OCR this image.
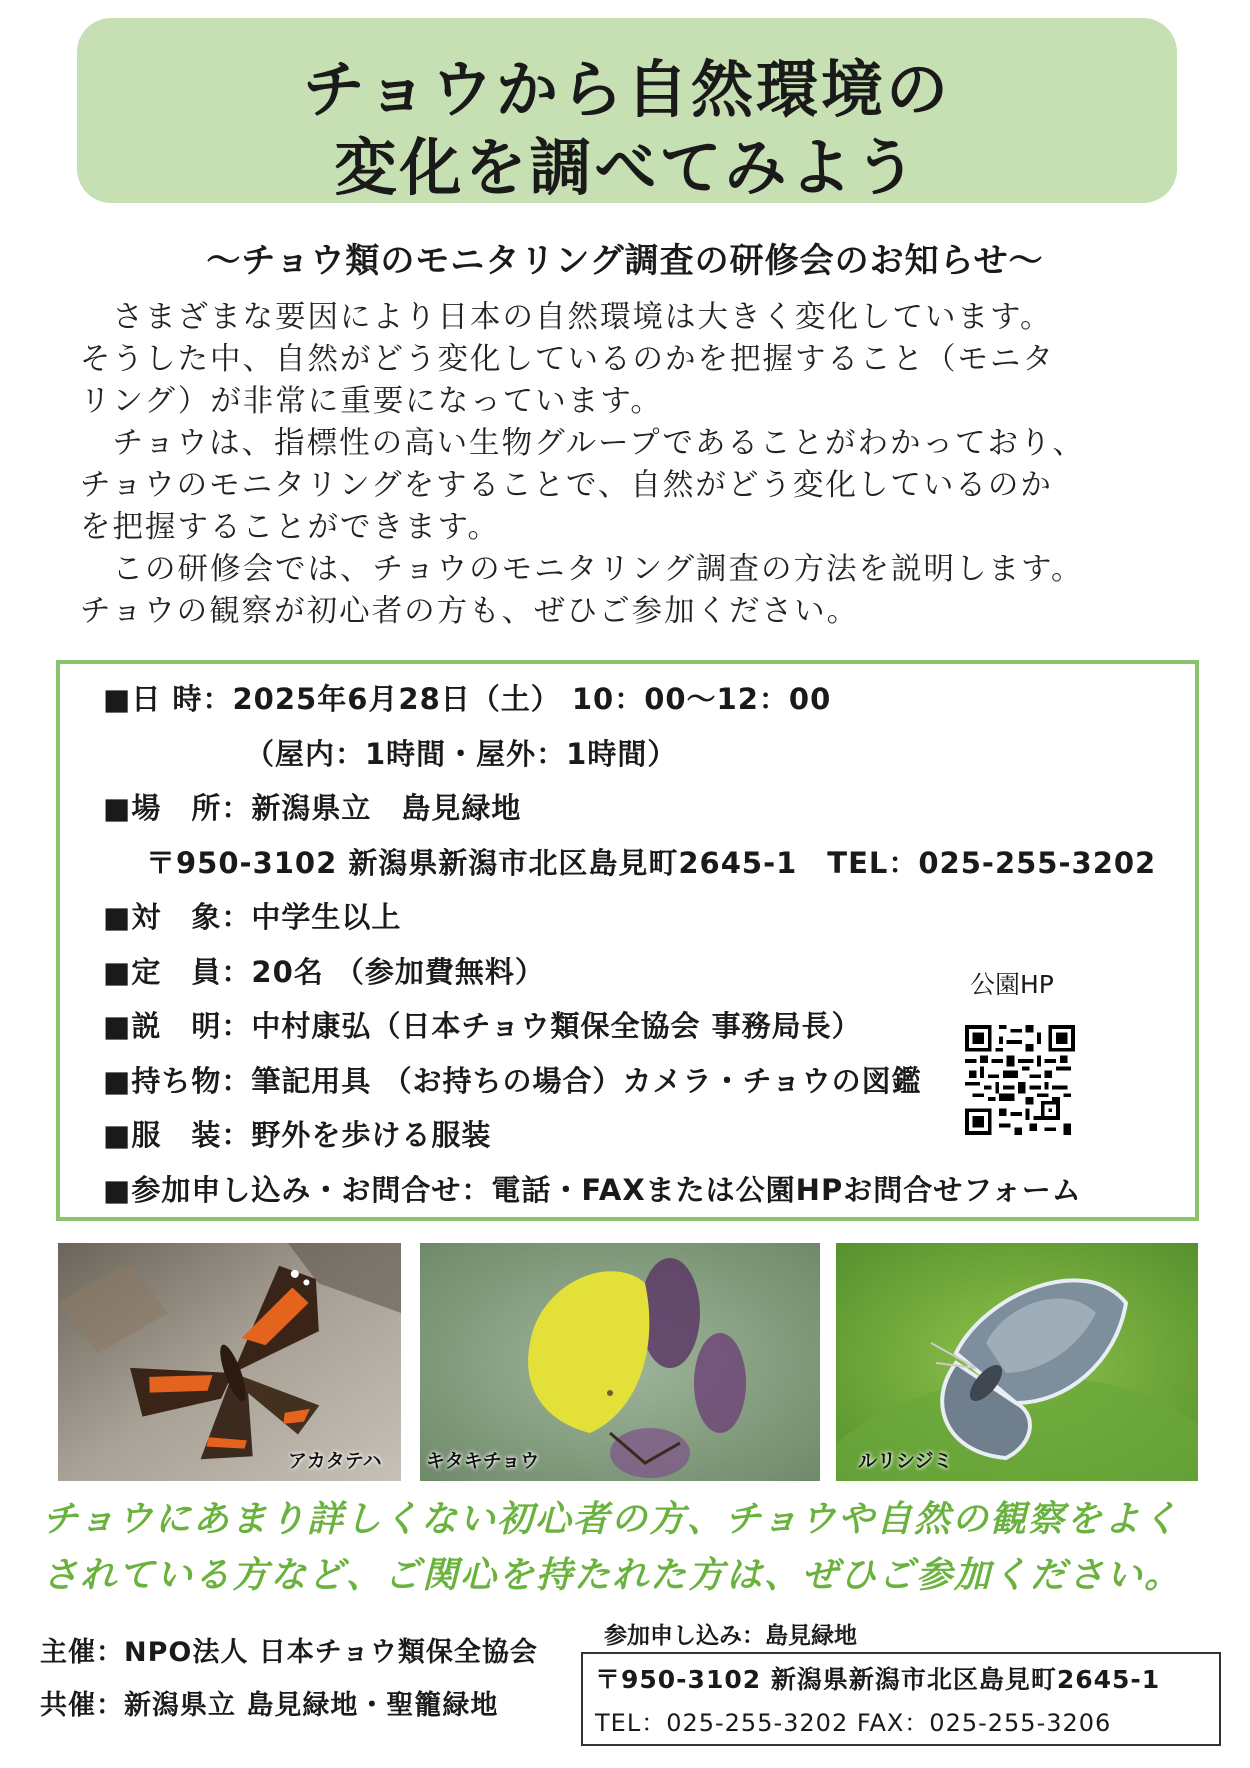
チョウから自然環境の
変化を調べてみよう
～チョウ類のモニタリング調査の研修会のお知らせ～

　さまざまな要因により日本の自然環境は大きく変化しています。

そうした中、自然がどう変化しているのかを把握すること（モニタ

リング）が非常に重要になっています。

　チョウは、指標性の高い生物グループであることがわかっており、

チョウのモニタリングをすることで、自然がどう変化しているのか

を把握することができます。

　この研修会では、チョウのモニタリング調査の方法を説明します。

チョウの観察が初心者の方も、ぜひご参加ください。

■日 時：2025年6月28日（土） 10：00～12：00
（屋内：1時間・屋外：1時間）
■場　所：新潟県立　島見緑地
〒950-3102 新潟県新潟市北区島見町2645-1　TEL：025-255-3202
■対　象：中学生以上
■定　員：20名 （参加費無料）
■説　明：中村康弘（日本チョウ類保全協会 事務局長）
■持ち物：筆記用具 （お持ちの場合）カメラ・チョウの図鑑
■服　装：野外を歩ける服装
■参加申し込み・お問合せ：電話・FAXまたは公園HPお問合せフォーム
公園HP
アカタテハ キタキチョウ	ルリシジミ
チョウにあまり詳しくない初心者の方、チョウや自然の観察をよく
されている方など、ご関心を持たれた方は、ぜひご参加ください。
主催：NPO法人 日本チョウ類保全協会
共催：新潟県立 島見緑地・聖籠緑地
参加申し込み：島見緑地
〒950-3102 新潟県新潟市北区島見町2645-1
TEL：025-255-3202 FAX：025-255-3206
